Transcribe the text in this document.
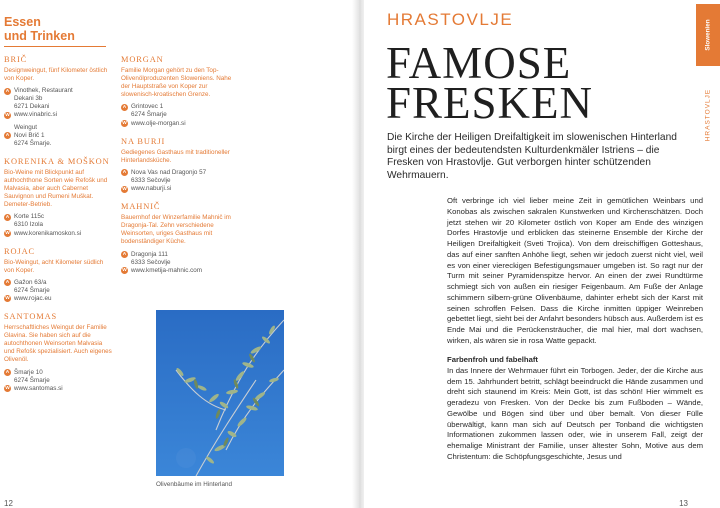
Essen
und Trinken
BRIČ
Designweingut, fünf Kilometer östlich von Koper.
A Vinothek, Restaurant
Dekani 3b
6271 Dekani
W www.vinabric.si
Weingut
A Novi Brič 1
6274 Šmarje.
KORENIKA & MOŠKON
Bio-Weine mit Blickpunkt auf authochthone Sorten wie Refošk und Malvasia, aber auch Cabernet Sauvignon und Rumeni Muškat. Demeter-Betrieb.
A Korte 115c
6310 Izola
W www.korenikamoskon.si
ROJAC
Bio-Weingut, acht Kilometer südlich von Koper.
A Gažon 63/a
6274 Šmarje
W www.rojac.eu
SANTOMAS
Herrschaftliches Weingut der Familie Glavina. Sie haben sich auf die autochthonen Weinsorten Malvasia und Refošk spezialisiert. Auch eigenes Olivenöl.
A Šmarje 10
6274 Šmarje
W www.santomas.si
MORGAN
Familie Morgan gehört zu den Top-Olivenölproduzenten Sloweniens. Nahe der Hauptstraße von Koper zur slowenisch-kroatischen Grenze.
A Grintovec 1
6274 Šmarje
W www.olje-morgan.si
NA BURJI
Gediegenes Gasthaus mit traditioneller Hinterlandsküche.
A Nova Vas nad Dragonjo 57
6333 Sečovlje
W www.naburji.si
MAHNIČ
Bauernhof der Winzerfamilie Mahnič im Dragonja-Tal. Zehn verschiedene Weinsorten, uriges Gasthaus mit bodenständiger Küche.
A Dragonja 111
6333 Sečovlje
W www.kmetija-mahnic.com
Olivenbäume im Hinterland
12
HRASTOVLJE
FAMOSE
FRESKEN
Die Kirche der Heiligen Dreifaltigkeit im slowenischen Hinterland birgt eines der bedeutendsten Kulturdenkmäler Istriens – die Fresken von Hrastovlje. Gut verborgen hinter schützenden Wehrmauern.

Oft verbringe ich viel lieber meine Zeit in gemütlichen Weinbars und Konobas als zwischen sakralen Kunstwerken und Kirchenschätzen. Doch jetzt stehen wir 20 Kilometer östlich von Koper am Ende des winzigen Dorfes Hrastovlje und erblicken das steinerne Ensemble der Kirche der Heiligen Dreifaltigkeit (Sveti Trojica). Von dem dreischiffigen Gotteshaus, das auf einer sanften Anhöhe liegt, sehen wir jedoch zuerst nicht viel, weil es von einer viereckigen Befestigungsmauer umgeben ist. So ragt nur der Turm mit seiner Pyramidenspitze hervor. An einen der zwei Rundtürme schmiegt sich von außen ein riesiger Feigenbaum. Am Fuße der Anlage schimmern silbern-grüne Olivenbäume, dahinter erhebt sich der Karst mit seinen schroffen Felsen. Dass die Kirche inmitten üppiger Weinreben gebettet liegt, sieht bei der Anfahrt besonders hübsch aus. Außerdem ist es Ende Mai und die Perückensträucher, die mal hier, mal dort wachsen, wirken, als wären sie in rosa Watte gepackt.

Farbenfroh und fabelhaft

In das Innere der Wehrmauer führt ein Torbogen. Jeder, der die Kirche aus dem 15. Jahrhundert betritt, schlägt beeindruckt die Hände zusammen und dreht sich staunend im Kreis: Mein Gott, ist das schön! Hier wimmelt es geradezu von Fresken. Von der Decke bis zum Fußboden – Wände, Gewölbe und Bögen sind über und über bemalt. Von dieser Fülle überwältigt, kann man sich auf Deutsch per Tonband die wichtigsten Informationen zukommen lassen oder, wie in unserem Fall, zeigt der ehemalige Ministrant der Familie, unser ältester Sohn, Motive aus dem Christentum: die Schöpfungsgeschichte, Jesus und

Slowenien
HRASTOVLJE
13
